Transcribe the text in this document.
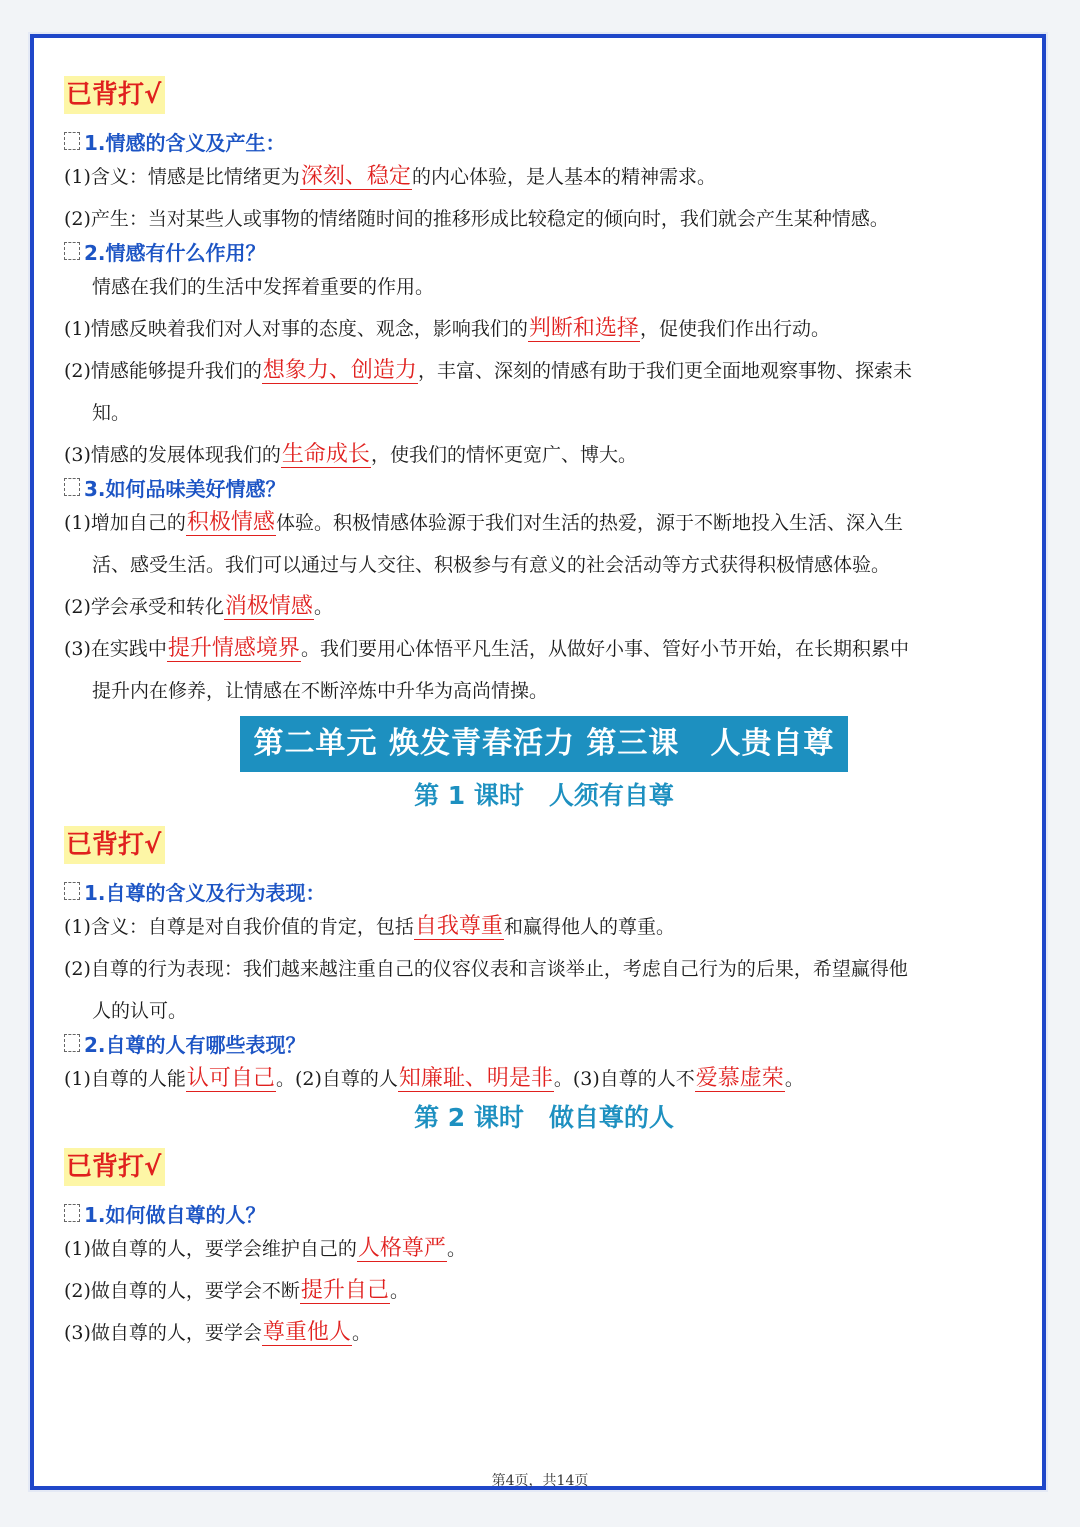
已背打√
1.情感的含义及产生：
(1)含义：情感是比情绪更为深刻、稳定的内心体验，是人基本的精神需求。
(2)产生：当对某些人或事物的情绪随时间的推移形成比较稳定的倾向时，我们就会产生某种情感。
2.情感有什么作用？
情感在我们的生活中发挥着重要的作用。
(1)情感反映着我们对人对事的态度、观念，影响我们的判断和选择，促使我们作出行动。
(2)情感能够提升我们的想象力、创造力，丰富、深刻的情感有助于我们更全面地观察事物、探索未
知。
(3)情感的发展体现我们的生命成长，使我们的情怀更宽广、博大。
3.如何品味美好情感？
(1)增加自己的积极情感体验。积极情感体验源于我们对生活的热爱，源于不断地投入生活、深入生
活、感受生活。我们可以通过与人交往、积极参与有意义的社会活动等方式获得积极情感体验。
(2)学会承受和转化消极情感。
(3)在实践中提升情感境界。我们要用心体悟平凡生活，从做好小事、管好小节开始，在长期积累中
提升内在修养，让情感在不断淬炼中升华为高尚情操。
第二单元 焕发青春活力 第三课　人贵自尊
第 1 课时　人须有自尊
已背打√
1.自尊的含义及行为表现：
(1)含义：自尊是对自我价值的肯定，包括自我尊重和赢得他人的尊重。
(2)自尊的行为表现：我们越来越注重自己的仪容仪表和言谈举止，考虑自己行为的后果，希望赢得他
人的认可。
2.自尊的人有哪些表现？
(1)自尊的人能认可自己。(2)自尊的人知廉耻、明是非。(3)自尊的人不爱慕虚荣。
第 2 课时　做自尊的人
已背打√
1.如何做自尊的人？
(1)做自尊的人，要学会维护自己的人格尊严。
(2)做自尊的人，要学会不断提升自己。
(3)做自尊的人，要学会尊重他人。
第4页，共14页
